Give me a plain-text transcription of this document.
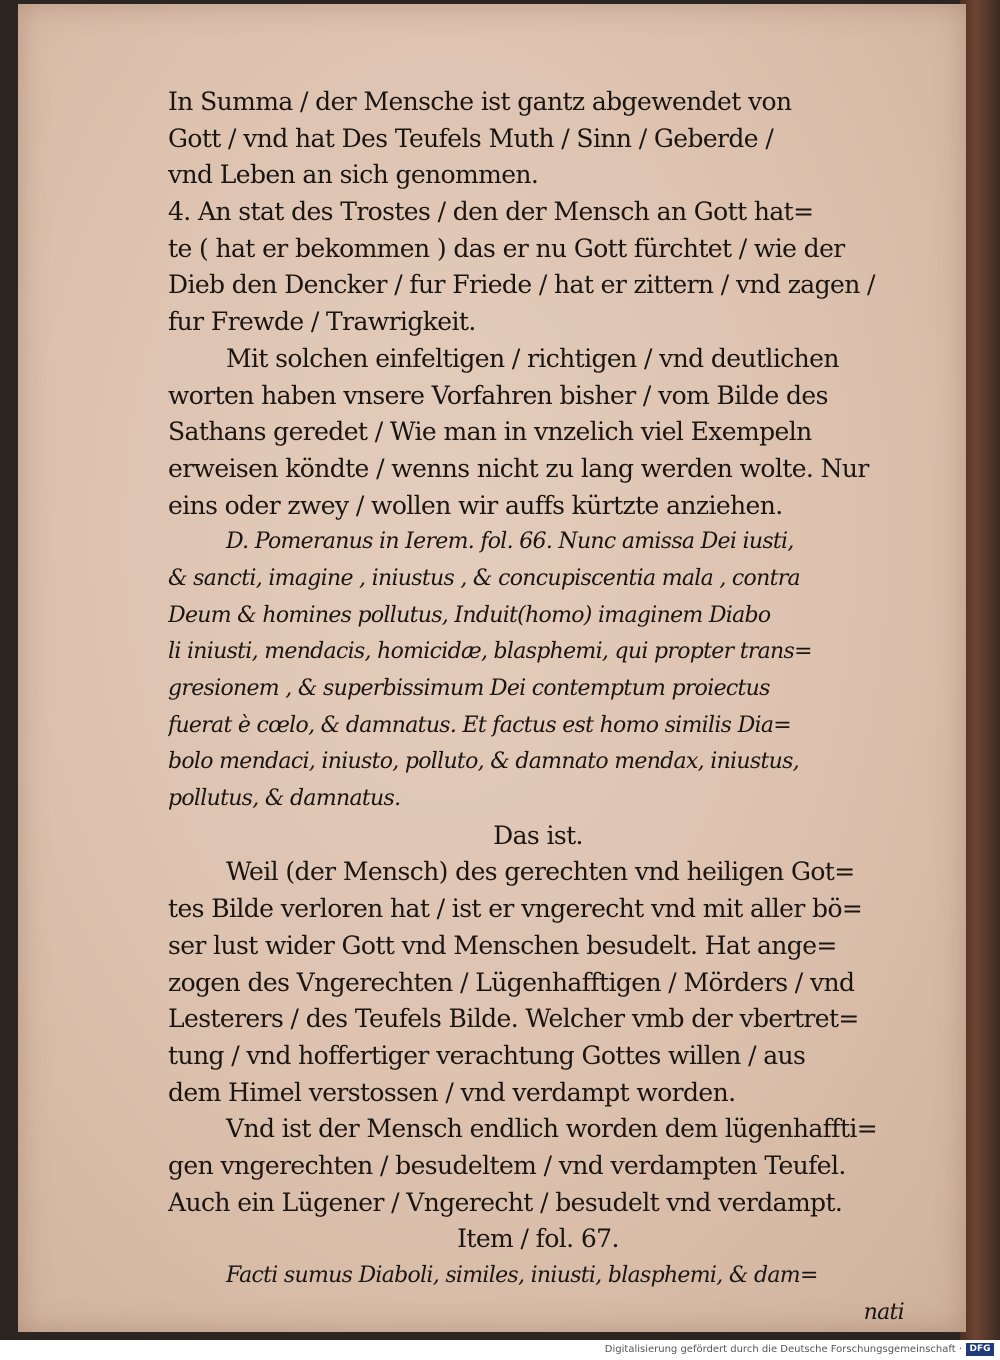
In Summa / der Mensche ist gantz abgewendet von
Gott / vnd hat Des Teufels Muth / Sinn / Geberde /
vnd Leben an sich genommen.
4. An stat des Trostes / den der Mensch an Gott hat=
te ( hat er bekommen ) das er nu Gott fürchtet / wie der
Dieb den Dencker / fur Friede / hat er zittern / vnd zagen /
fur Frewde / Trawrigkeit.
Mit solchen einfeltigen / richtigen / vnd deutlichen
worten haben vnsere Vorfahren bisher / vom Bilde des
Sathans geredet / Wie man in vnzelich viel Exempeln
erweisen köndte / wenns nicht zu lang werden wolte. Nur
eins oder zwey / wollen wir auffs kürtzte anziehen.
D. Pomeranus in Ierem. fol. 66. Nunc amissa Dei iusti,
& sancti, imagine , iniustus , & concupiscentia mala , contra
Deum & homines pollutus, Induit(homo) imaginem Diabo
li iniusti, mendacis, homicidæ, blasphemi, qui propter trans=
gresionem , & superbissimum Dei contemptum proiectus
fuerat è cœlo, & damnatus. Et factus est homo similis Dia=
bolo mendaci, iniusto, polluto, & damnato mendax, iniustus,
pollutus, & damnatus.
Das ist.
Weil (der Mensch) des gerechten vnd heiligen Got=
tes Bilde verloren hat / ist er vngerecht vnd mit aller bö=
ser lust wider Gott vnd Menschen besudelt. Hat ange=
zogen des Vngerechten / Lügenhafftigen / Mörders / vnd
Lesterers / des Teufels Bilde. Welcher vmb der vbertret=
tung / vnd hoffertiger verachtung Gottes willen / aus
dem Himel verstossen / vnd verdampt worden.
Vnd ist der Mensch endlich worden dem lügenhaffti=
gen vngerechten / besudeltem / vnd verdampten Teufel.
Auch ein Lügener / Vngerecht / besudelt vnd verdampt.
Item / fol. 67.
Facti sumus Diaboli, similes, iniusti, blasphemi, & dam=
nati
Digitalisierung gefördert durch die Deutsche Forschungsgemeinschaft · DFG
